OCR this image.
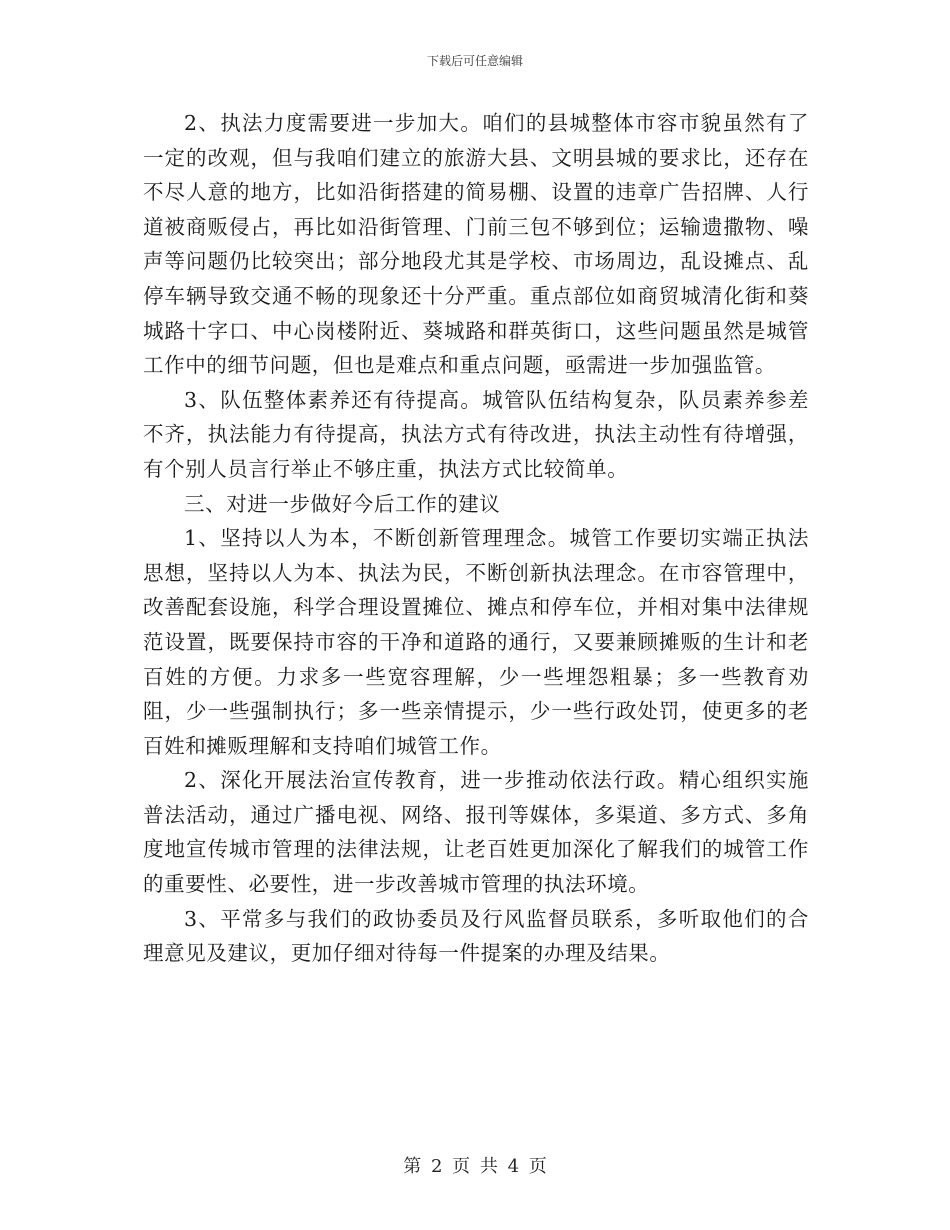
下载后可任意编辑

2、执法力度需要进一步加大。咱们的县城整体市容市貌虽然有了一定的改观，但与我咱们建立的旅游大县、文明县城的要求比，还存在不尽人意的地方，比如沿街搭建的简易棚、设置的违章广告招牌、人行道被商贩侵占，再比如沿街管理、门前三包不够到位；运输遗撒物、噪声等问题仍比较突出；部分地段尤其是学校、市场周边，乱设摊点、乱停车辆导致交通不畅的现象还十分严重。重点部位如商贸城清化街和葵城路十字口、中心岗楼附近、葵城路和群英街口，这些问题虽然是城管工作中的细节问题，但也是难点和重点问题，亟需进一步加强监管。

3、队伍整体素养还有待提高。城管队伍结构复杂，队员素养参差不齐，执法能力有待提高，执法方式有待改进，执法主动性有待增强，有个别人员言行举止不够庄重，执法方式比较简单。

三、对进一步做好今后工作的建议

1、坚持以人为本，不断创新管理理念。城管工作要切实端正执法思想，坚持以人为本、执法为民，不断创新执法理念。在市容管理中，改善配套设施，科学合理设置摊位、摊点和停车位，并相对集中法律规范设置，既要保持市容的干净和道路的通行，又要兼顾摊贩的生计和老百姓的方便。力求多一些宽容理解，少一些埋怨粗暴；多一些教育劝阻，少一些强制执行；多一些亲情提示，少一些行政处罚，使更多的老百姓和摊贩理解和支持咱们城管工作。

2、深化开展法治宣传教育，进一步推动依法行政。精心组织实施普法活动，通过广播电视、网络、报刊等媒体，多渠道、多方式、多角度地宣传城市管理的法律法规，让老百姓更加深化了解我们的城管工作的重要性、必要性，进一步改善城市管理的执法环境。

3、平常多与我们的政协委员及行风监督员联系，多听取他们的合理意见及建议，更加仔细对待每一件提案的办理及结果。

第 2 页 共 4 页
